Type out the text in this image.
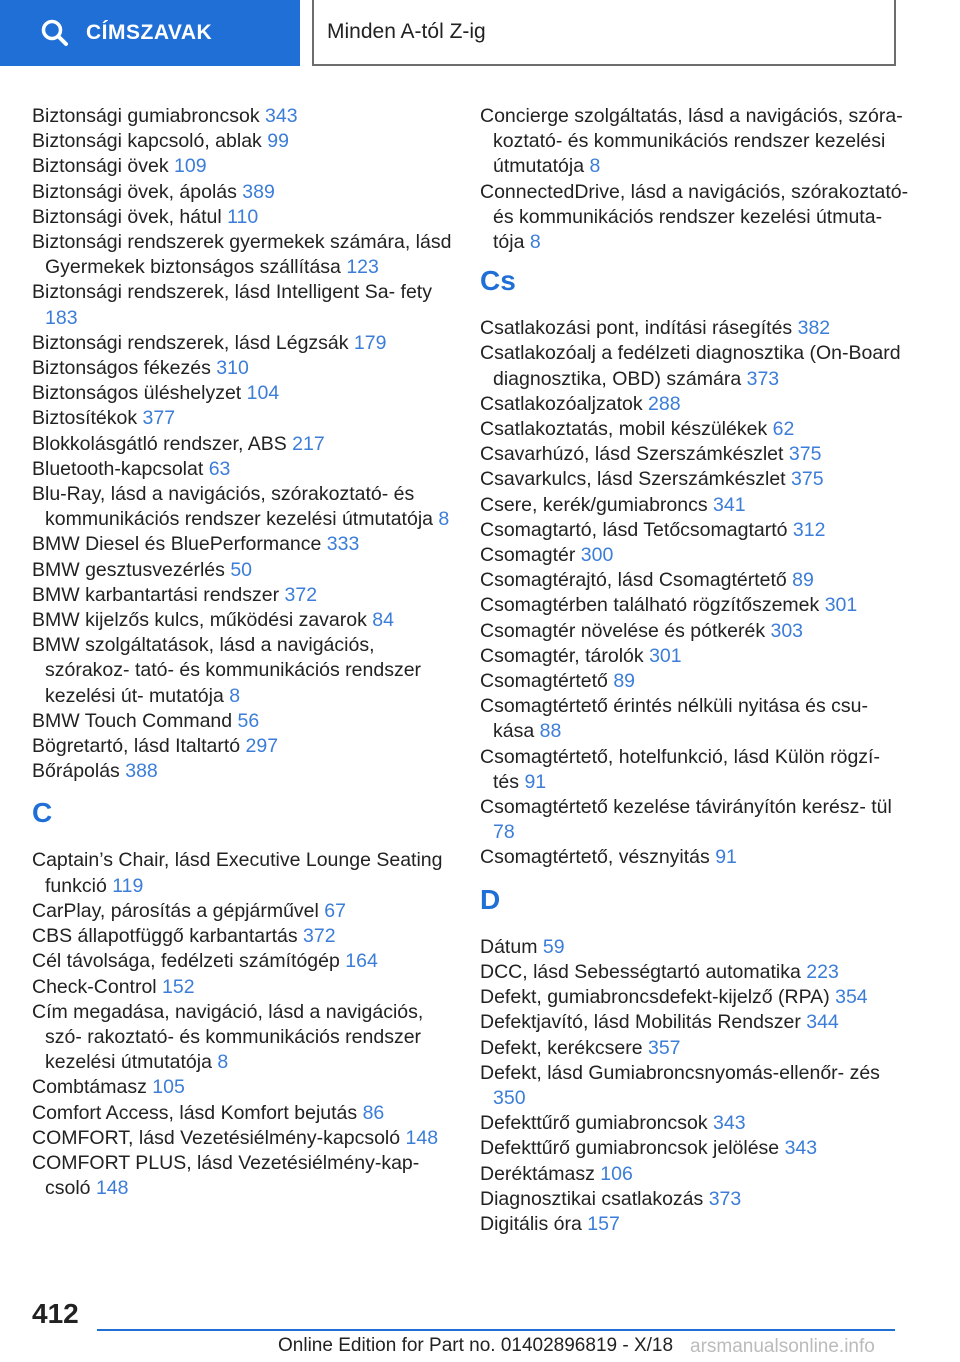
CÍMSZAVAK	Minden A-tól Z-ig
Biztonsági gumiabroncsok 343
Biztonsági kapcsoló, ablak 99
Biztonsági övek 109
Biztonsági övek, ápolás 389
Biztonsági övek, hátul 110
Biztonsági rendszerek gyermekek számára, lásd Gyermekek biztonságos szállítása 123
Biztonsági rendszerek, lásd Intelligent Sa- fety 183
Biztonsági rendszerek, lásd Légzsák 179
Biztonságos fékezés 310
Biztonságos üléshelyzet 104
Biztosítékok 377
Blokkolásgátló rendszer, ABS 217
Bluetooth-kapcsolat 63
Blu-Ray, lásd a navigációs, szórakoztató- és kommunikációs rendszer kezelési útmutatója 8
BMW Diesel és BluePerformance 333
BMW gesztusvezérlés 50
BMW karbantartási rendszer 372
BMW kijelzős kulcs, működési zavarok 84
BMW szolgáltatások, lásd a navigációs, szórakoz- tató- és kommunikációs rendszer kezelési út- mutatója 8
BMW Touch Command 56
Bögretartó, lásd Italtartó 297
Bőrápolás 388
C
Captain’s Chair, lásd Executive Lounge Seating funkció 119
CarPlay, párosítás a gépjárművel 67
CBS állapotfüggő karbantartás 372
Cél távolsága, fedélzeti számítógép 164
Check-Control 152
Cím megadása, navigáció, lásd a navigációs, szó- rakoztató- és kommunikációs rendszer kezelési útmutatója 8
Combtámasz 105
Comfort Access, lásd Komfort bejutás 86
COMFORT, lásd Vezetésiélmény-kapcsoló 148
COMFORT PLUS, lásd Vezetésiélmény-kap- csoló 148
Concierge szolgáltatás, lásd a navigációs, szóra- koztató- és kommunikációs rendszer kezelési útmutatója 8
ConnectedDrive, lásd a navigációs, szórakoztató- és kommunikációs rendszer kezelési útmuta- tója 8
Cs
Csatlakozási pont, indítási rásegítés 382
Csatlakozóalj a fedélzeti diagnosztika (On-Board diagnosztika, OBD) számára 373
Csatlakozóaljzatok 288
Csatlakoztatás, mobil készülékek 62
Csavarhúzó, lásd Szerszámkészlet 375
Csavarkulcs, lásd Szerszámkészlet 375
Csere, kerék/gumiabroncs 341
Csomagtartó, lásd Tetőcsomagtartó 312
Csomagtér 300
Csomagtérajtó, lásd Csomagtértető 89
Csomagtérben található rögzítőszemek 301
Csomagtér növelése és pótkerék 303
Csomagtér, tárolók 301
Csomagtértető 89
Csomagtértető érintés nélküli nyitása és csu- kása 88
Csomagtértető, hotelfunkció, lásd Külön rögzí- tés 91
Csomagtértető kezelése távirányítón kerész- tül 78
Csomagtértető, vésznyitás 91
D
Dátum 59
DCC, lásd Sebességtartó automatika 223
Defekt, gumiabroncsdefekt-kijelző (RPA) 354
Defektjavító, lásd Mobilitás Rendszer 344
Defekt, kerékcsere 357
Defekt, lásd Gumiabroncsnyomás-ellenőr- zés 350
Defekttűrő gumiabroncsok 343
Defekttűrő gumiabroncsok jelölése 343
Deréktámasz 106
Diagnosztikai csatlakozás 373
Digitális óra 157
412
Online Edition for Part no. 01402896819 - X/18 arsmanualsonline.info
